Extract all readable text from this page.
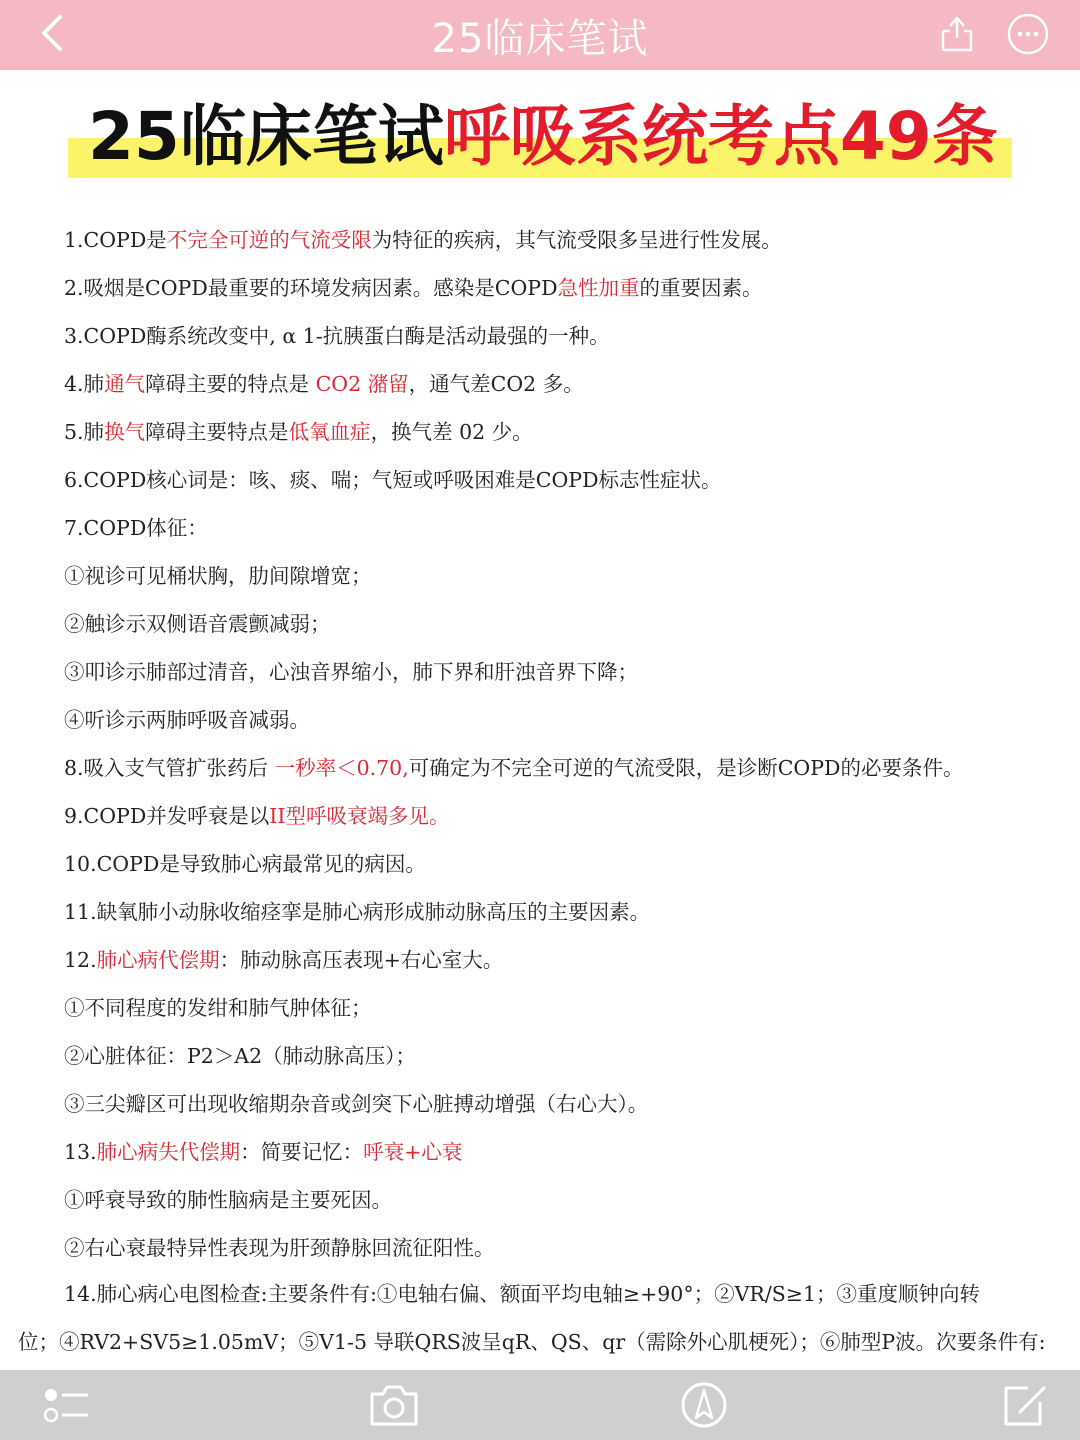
25临床笔试
25临床笔试呼吸系统考点49条
1.COPD是不完全可逆的气流受限为特征的疾病，其气流受限多呈进行性发展。
2.吸烟是COPD最重要的环境发病因素。感染是COPD急性加重的重要因素。
3.COPD酶系统改变中, α 1-抗胰蛋白酶是活动最强的一种。
4.肺通气障碍主要的特点是 CO2 潴留，通气差CO2 多。
5.肺换气障碍主要特点是低氧血症，换气差 02 少。
6.COPD核心词是：咳、痰、喘；气短或呼吸困难是COPD标志性症状。
7.COPD体征：
①视诊可见桶状胸，肋间隙增宽；
②触诊示双侧语音震颤减弱；
③叩诊示肺部过清音，心浊音界缩小，肺下界和肝浊音界下降；
④听诊示两肺呼吸音减弱。
8.吸入支气管扩张药后 一秒率＜0.70,可确定为不完全可逆的气流受限，是诊断COPD的必要条件。
9.COPD并发呼衰是以II型呼吸衰竭多见。
10.COPD是导致肺心病最常见的病因。
11.缺氧肺小动脉收缩痉挛是肺心病形成肺动脉高压的主要因素。
12.肺心病代偿期：肺动脉高压表现+右心室大。
①不同程度的发绀和肺气肿体征；
②心脏体征：P2＞A2（肺动脉高压）；
③三尖瓣区可出现收缩期杂音或剑突下心脏搏动增强（右心大）。
13.肺心病失代偿期：简要记忆：呼衰+心衰
①呼衰导致的肺性脑病是主要死因。
②右心衰最特异性表现为肝颈静脉回流征阳性。
14.肺心病心电图检查:主要条件有:①电轴右偏、额面平均电轴≥+90°；②VR/S≥1；③重度顺钟向转
位；④RV2+SV5≥1.05mV；⑤V1-5 导联QRS波呈qR、QS、qr（需除外心肌梗死）；⑥肺型P波。次要条件有:
